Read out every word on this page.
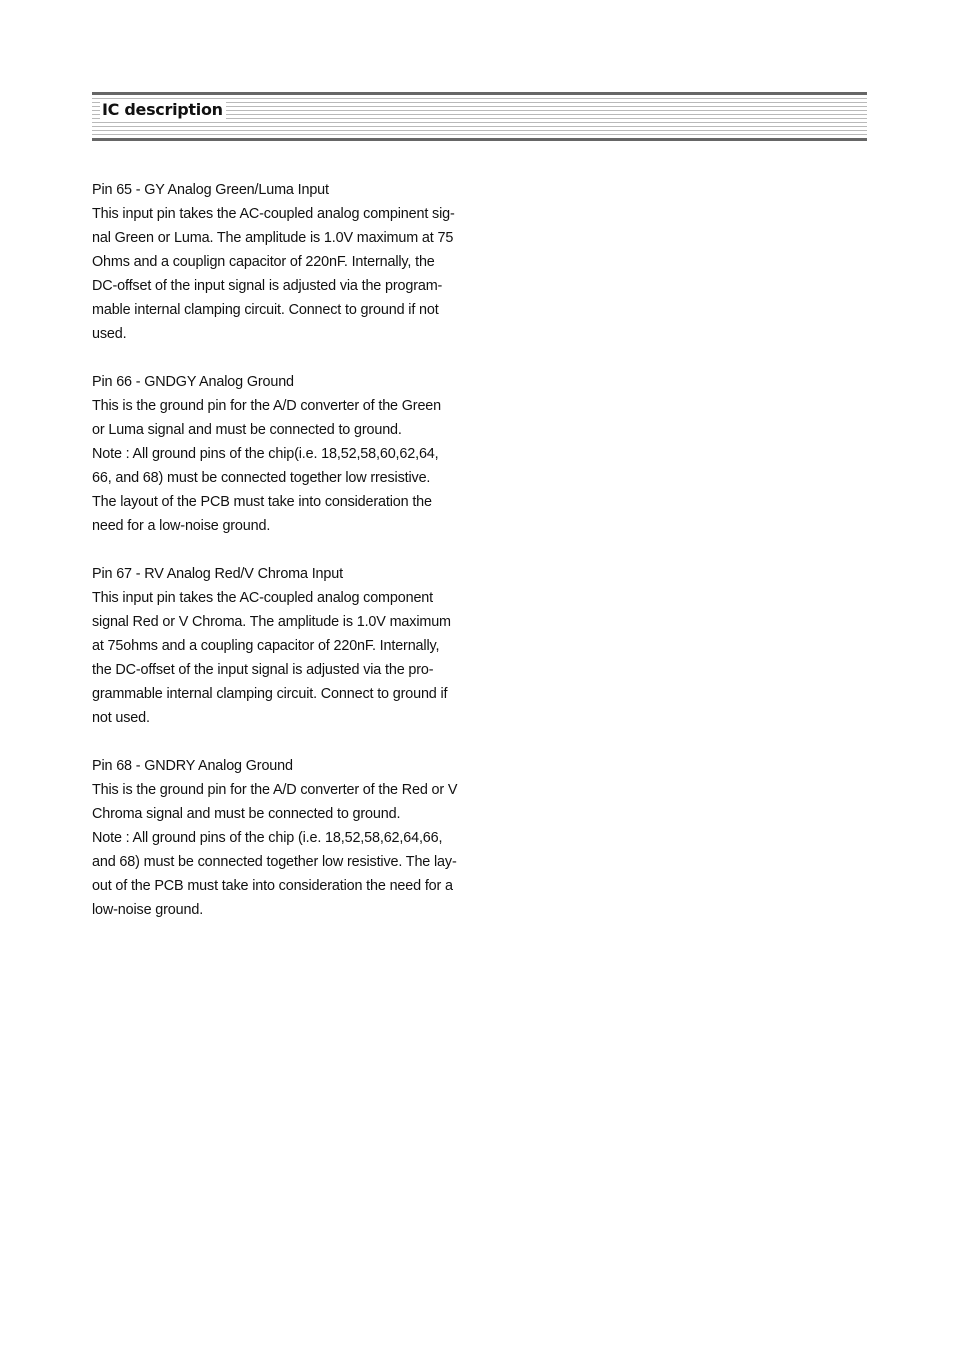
IC description
Pin 65 - GY Analog Green/Luma Input
This input pin takes the AC-coupled analog compinent sig-
nal Green or Luma. The amplitude is 1.0V maximum at 75
Ohms and a couplign capacitor of 220nF. Internally, the
DC-offset of the input signal is adjusted via the program-
mable internal clamping circuit. Connect to ground if not
used.
Pin 66 - GNDGY Analog Ground
This is the ground pin for the A/D converter of the Green
or Luma signal and must be connected to ground.
Note : All ground pins of the chip(i.e. 18,52,58,60,62,64,
66, and 68) must be connected together low rresistive.
The layout of the PCB must take into consideration the
need for a low-noise ground.
Pin 67 - RV Analog Red/V Chroma Input
This input pin takes the AC-coupled analog component
signal Red or V Chroma. The amplitude is 1.0V maximum
at 75ohms and a coupling capacitor of 220nF. Internally,
the DC-offset of the input signal is adjusted via the pro-
grammable internal clamping circuit. Connect to ground if
not used.
Pin 68 - GNDRY Analog Ground
This is the ground pin for the A/D converter of the Red or V
Chroma signal and must be connected to ground.
Note : All ground pins of the chip (i.e. 18,52,58,62,64,66,
and 68) must be connected together low resistive. The lay-
out of the PCB must take into consideration the need for a
low-noise ground.
